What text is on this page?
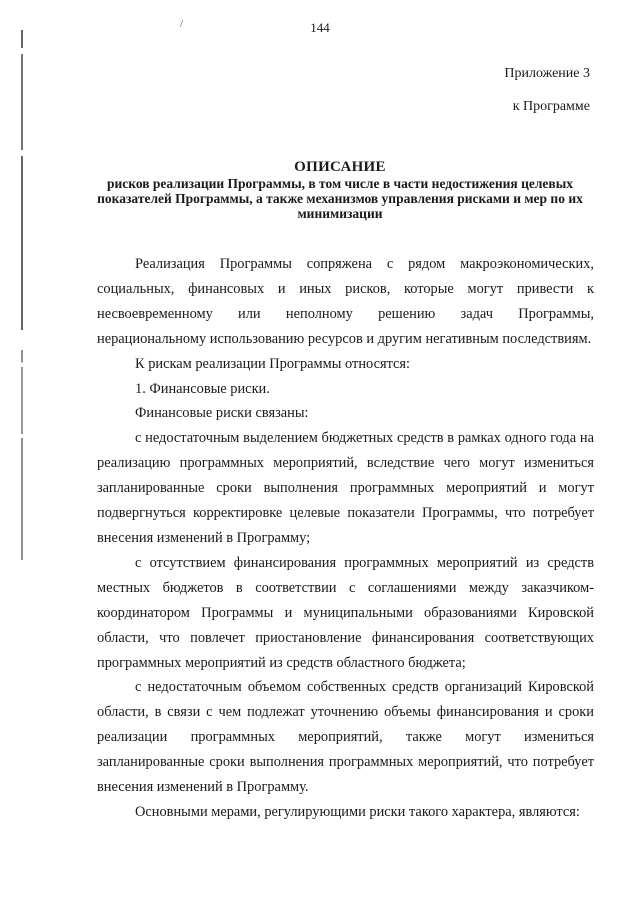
/	144
Приложение 3
к Программе
ОПИСАНИЕ

рисков реализации Программы, в том числе в части недостижения целевых показателей Программы, а также механизмов управления рисками и мер по их минимизации

Реализация Программы сопряжена с рядом макроэкономических, социальных, финансовых и иных рисков, которые могут привести к несвоевременному или неполному решению задач Программы, нерациональному использованию ресурсов и другим негативным последствиям.

К рискам реализации Программы относятся:

1. Финансовые риски.

Финансовые риски связаны:

с недостаточным выделением бюджетных средств в рамках одного года на реализацию программных мероприятий, вследствие чего могут измениться запланированные сроки выполнения программных мероприятий и могут подвергнуться корректировке целевые показатели Программы, что потребует внесения изменений в Программу;

с отсутствием финансирования программных мероприятий из средств местных бюджетов в соответствии с соглашениями между заказчиком-координатором Программы и муниципальными образованиями Кировской области, что повлечет приостановление финансирования соответствующих программных мероприятий из средств областного бюджета;

с недостаточным объемом собственных средств организаций Кировской области, в связи с чем подлежат уточнению объемы финансирования и сроки реализации программных мероприятий, также могут измениться запланированные сроки выполнения программных мероприятий, что потребует внесения изменений в Программу.

Основными мерами, регулирующими риски такого характера, являются:
